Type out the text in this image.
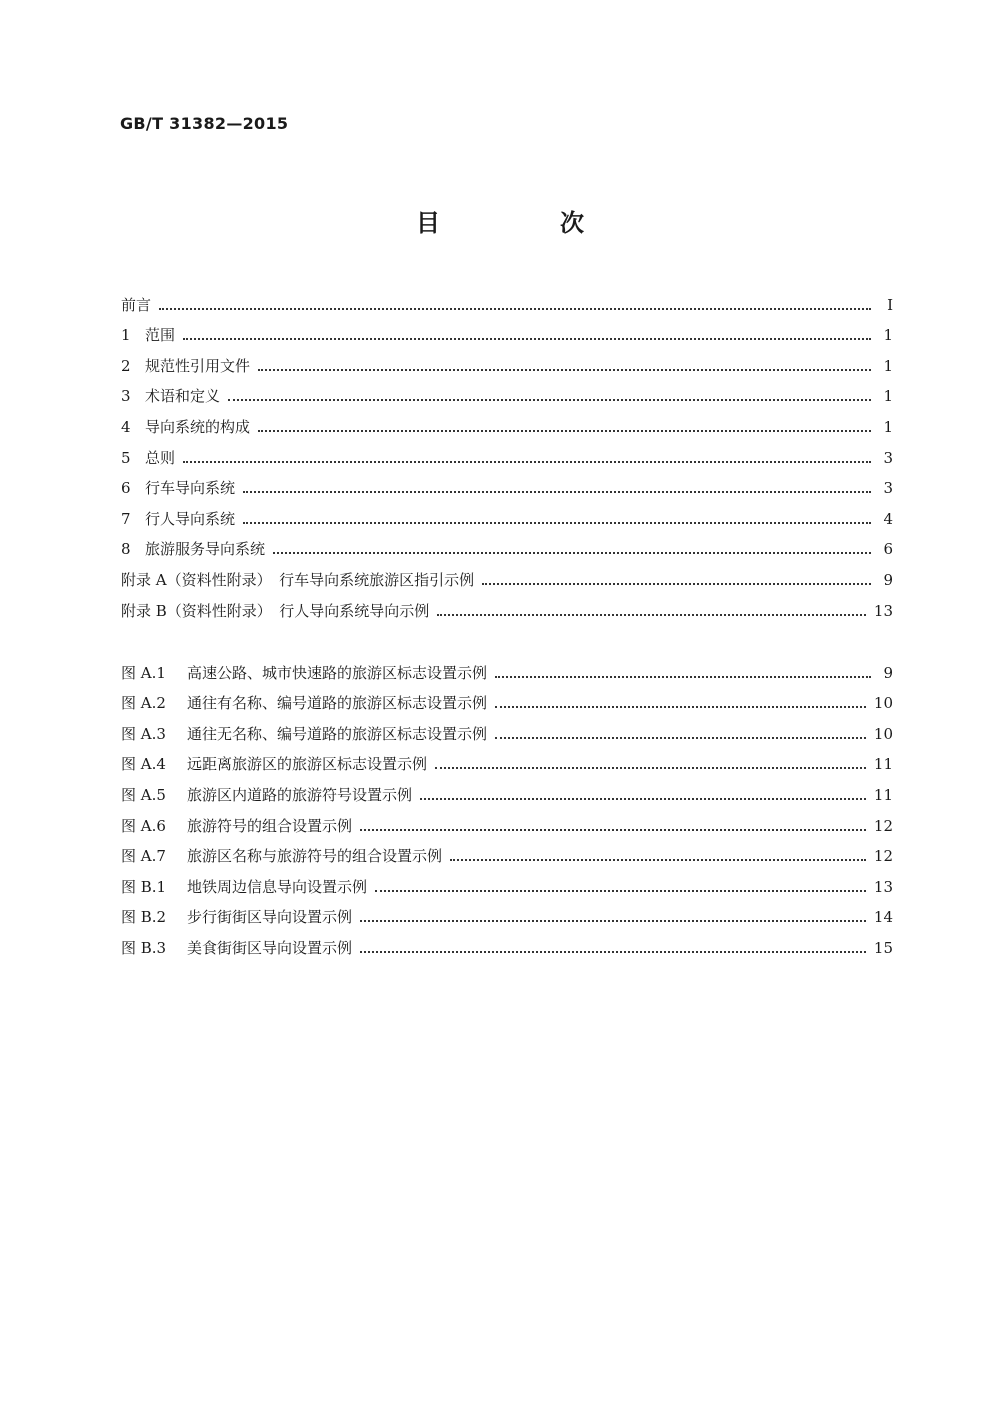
GB/T 31382—2015
目　次
前言	Ⅰ
1 范围	1
2 规范性引用文件	1
3 术语和定义	1
4 导向系统的构成	1
5 总则	3
6 行车导向系统	3
7 行人导向系统	4
8 旅游服务导向系统	6
附录 A（资料性附录）　行车导向系统旅游区指引示例	9
附录 B（资料性附录）　行人导向系统导向示例	13
图 A.1	高速公路、城市快速路的旅游区标志设置示例	9
图 A.2	通往有名称、编号道路的旅游区标志设置示例	10
图 A.3	通往无名称、编号道路的旅游区标志设置示例	10
图 A.4	远距离旅游区的旅游区标志设置示例	11
图 A.5	旅游区内道路的旅游符号设置示例	11
图 A.6	旅游符号的组合设置示例	12
图 A.7	旅游区名称与旅游符号的组合设置示例	12
图 B.1	地铁周边信息导向设置示例	13
图 B.2	步行街街区导向设置示例	14
图 B.3	美食街街区导向设置示例	15
